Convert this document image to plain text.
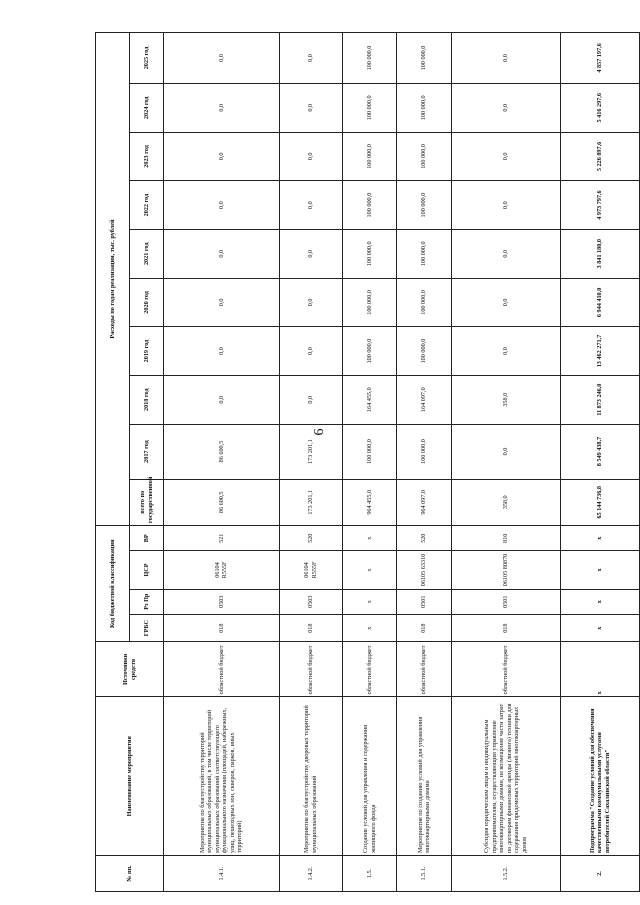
6
№ пп.	Наименование мероприятия	Источники средств	Код бюджетной классификации				Расходы по годам реализации, тыс. рублей									
			ГРБС	Рз Пр	ЦСР	ВР	всего по государственной	2017 год	2018 год	2019 год	2020 год	2021 год	2022 год	2023 год	2024 год	2025 год
1.4.1.	Мероприятия по благоустройству территорий муниципальных образований, в том числе территорий муниципальных образований соответствующего функционального назначения (площадей, набережных, улиц, пешеходных зон, скверов, парков, иных территорий)	областной бюджет	018	0503	06104 R555F	521	86 600,5	86 600,5	0,0	0,0	0,0	0,0	0,0	0,0	0,0	0,0
1.4.2.	Мероприятия по благоустройству дворовых территорий муниципальных образований	областной бюджет	018	0503	06104 R555F	520	173 201,1	173 201,1	0,0	0,0	0,0	0,0	0,0	0,0	0,0	0,0
1.5.	Создание условий для управления и содержания жилищного фонда	областной бюджет	x	x	x	x	964 455,0	100 000,0	164 455,0	100 000,0	100 000,0	100 000,0	100 000,0	100 000,0	100 000,0	100 000,0
1.5.1.	Мероприятия по созданию условий для управления многоквартирными домами	областной бюджет	018	0501	06105 63310	520	964 097,0	100 000,0	164 097,0	100 000,0	100 000,0	100 000,0	100 000,0	100 000,0	100 000,0	100 000,0
1.5.2.	Субсидия юридическим лицам и индивидуальным предпринимателям, осуществляющим управление многоквартирными домами, на возмещение части затрат по договорам финансовой аренды (лизинга) техники для содержания придомовых территорий многоквартирных домов	областной бюджет	018	0501	06105 80870	810	358,0	0,0	358,0	0,0	0,0	0,0	0,0	0,0	0,0	0,0
2.	Подпрограмма "Создание условий для обеспечения качественными коммунальными услугами потребителей Сахалинской области"	x	x	x	x	x	65 144 736,8	8 549 438,7	11 873 246,0	13 462 271,7	6 944 410,0	3 841 180,0	4 973 797,6	5 226 897,6	5 416 297,6	4 857 197,6
